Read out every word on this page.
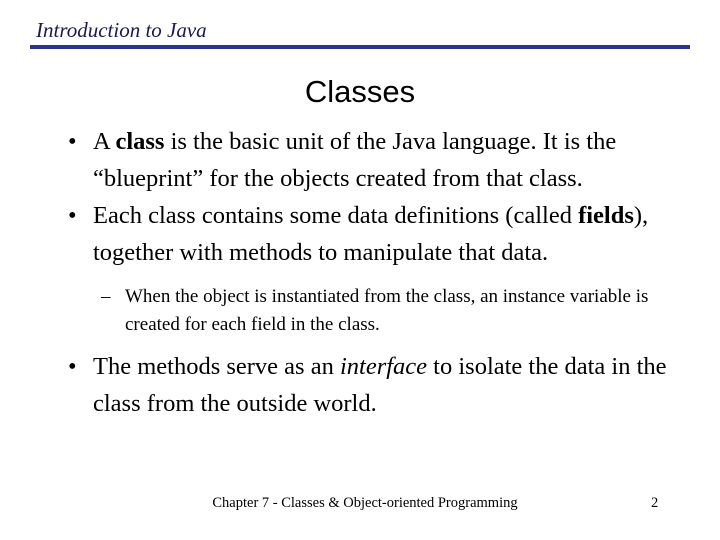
Introduction to Java
Classes
• A class is the basic unit of the Java language. It is the “blueprint” for the objects created from that class.
• Each class contains some data definitions (called fields), together with methods to manipulate that data.
– When the object is instantiated from the class, an instance variable is created for each field in the class.
• The methods serve as an interface to isolate the data in the class from the outside world.
Chapter 7 - Classes & Object-oriented Programming	2
